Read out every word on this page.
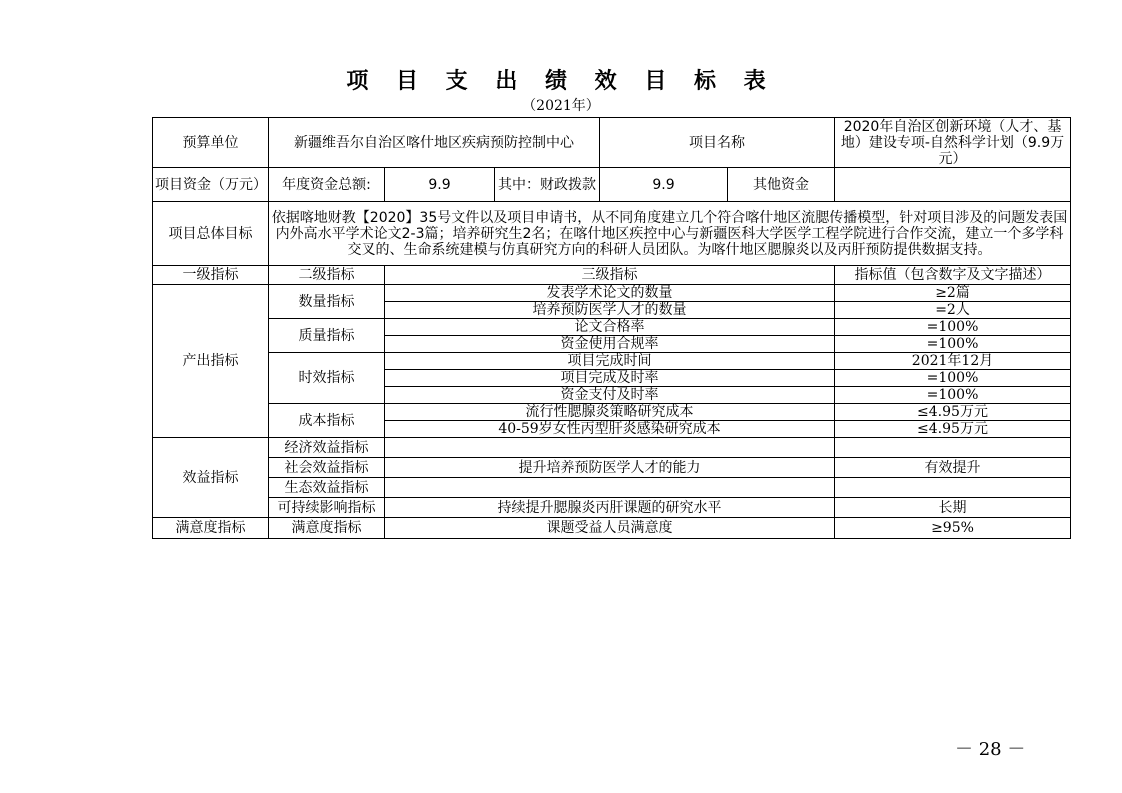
项 目 支 出 绩 效 目 标 表
（2021年）
预算单位	新疆维吾尔自治区喀什地区疾病预防控制中心			项目名称		2020年自治区创新环境（人才、基地）建设专项-自然科学计划（9.9万元）
项目资金（万元）	年度资金总额:	9.9	其中：财政拨款	9.9	其他资金	
项目总体目标	依据喀地财教【2020】35号文件以及项目申请书，从不同角度建立几个符合喀什地区流腮传播模型，针对项目涉及的问题发表国内外高水平学术论文2-3篇；培养研究生2名；在喀什地区疾控中心与新疆医科大学医学工程学院进行合作交流，建立一个多学科交叉的、生命系统建模与仿真研究方向的科研人员团队。为喀什地区腮腺炎以及丙肝预防提供数据支持。					
一级指标	二级指标	三级指标				指标值（包含数字及文字描述）
产出指标	数量指标	发表学术论文的数量				≥2篇
		培养预防医学人才的数量				=2人
	质量指标	论文合格率				=100%
		资金使用合规率				=100%
	时效指标	项目完成时间				2021年12月
		项目完成及时率				=100%
		资金支付及时率				=100%
	成本指标	流行性腮腺炎策略研究成本				≤4.95万元
		40-59岁女性丙型肝炎感染研究成本				≤4.95万元
效益指标	经济效益指标					
	社会效益指标	提升培养预防医学人才的能力				有效提升
	生态效益指标					
	可持续影响指标	持续提升腮腺炎丙肝课题的研究水平				长期
满意度指标	满意度指标	课题受益人员满意度				≥95%
－ 28 －
